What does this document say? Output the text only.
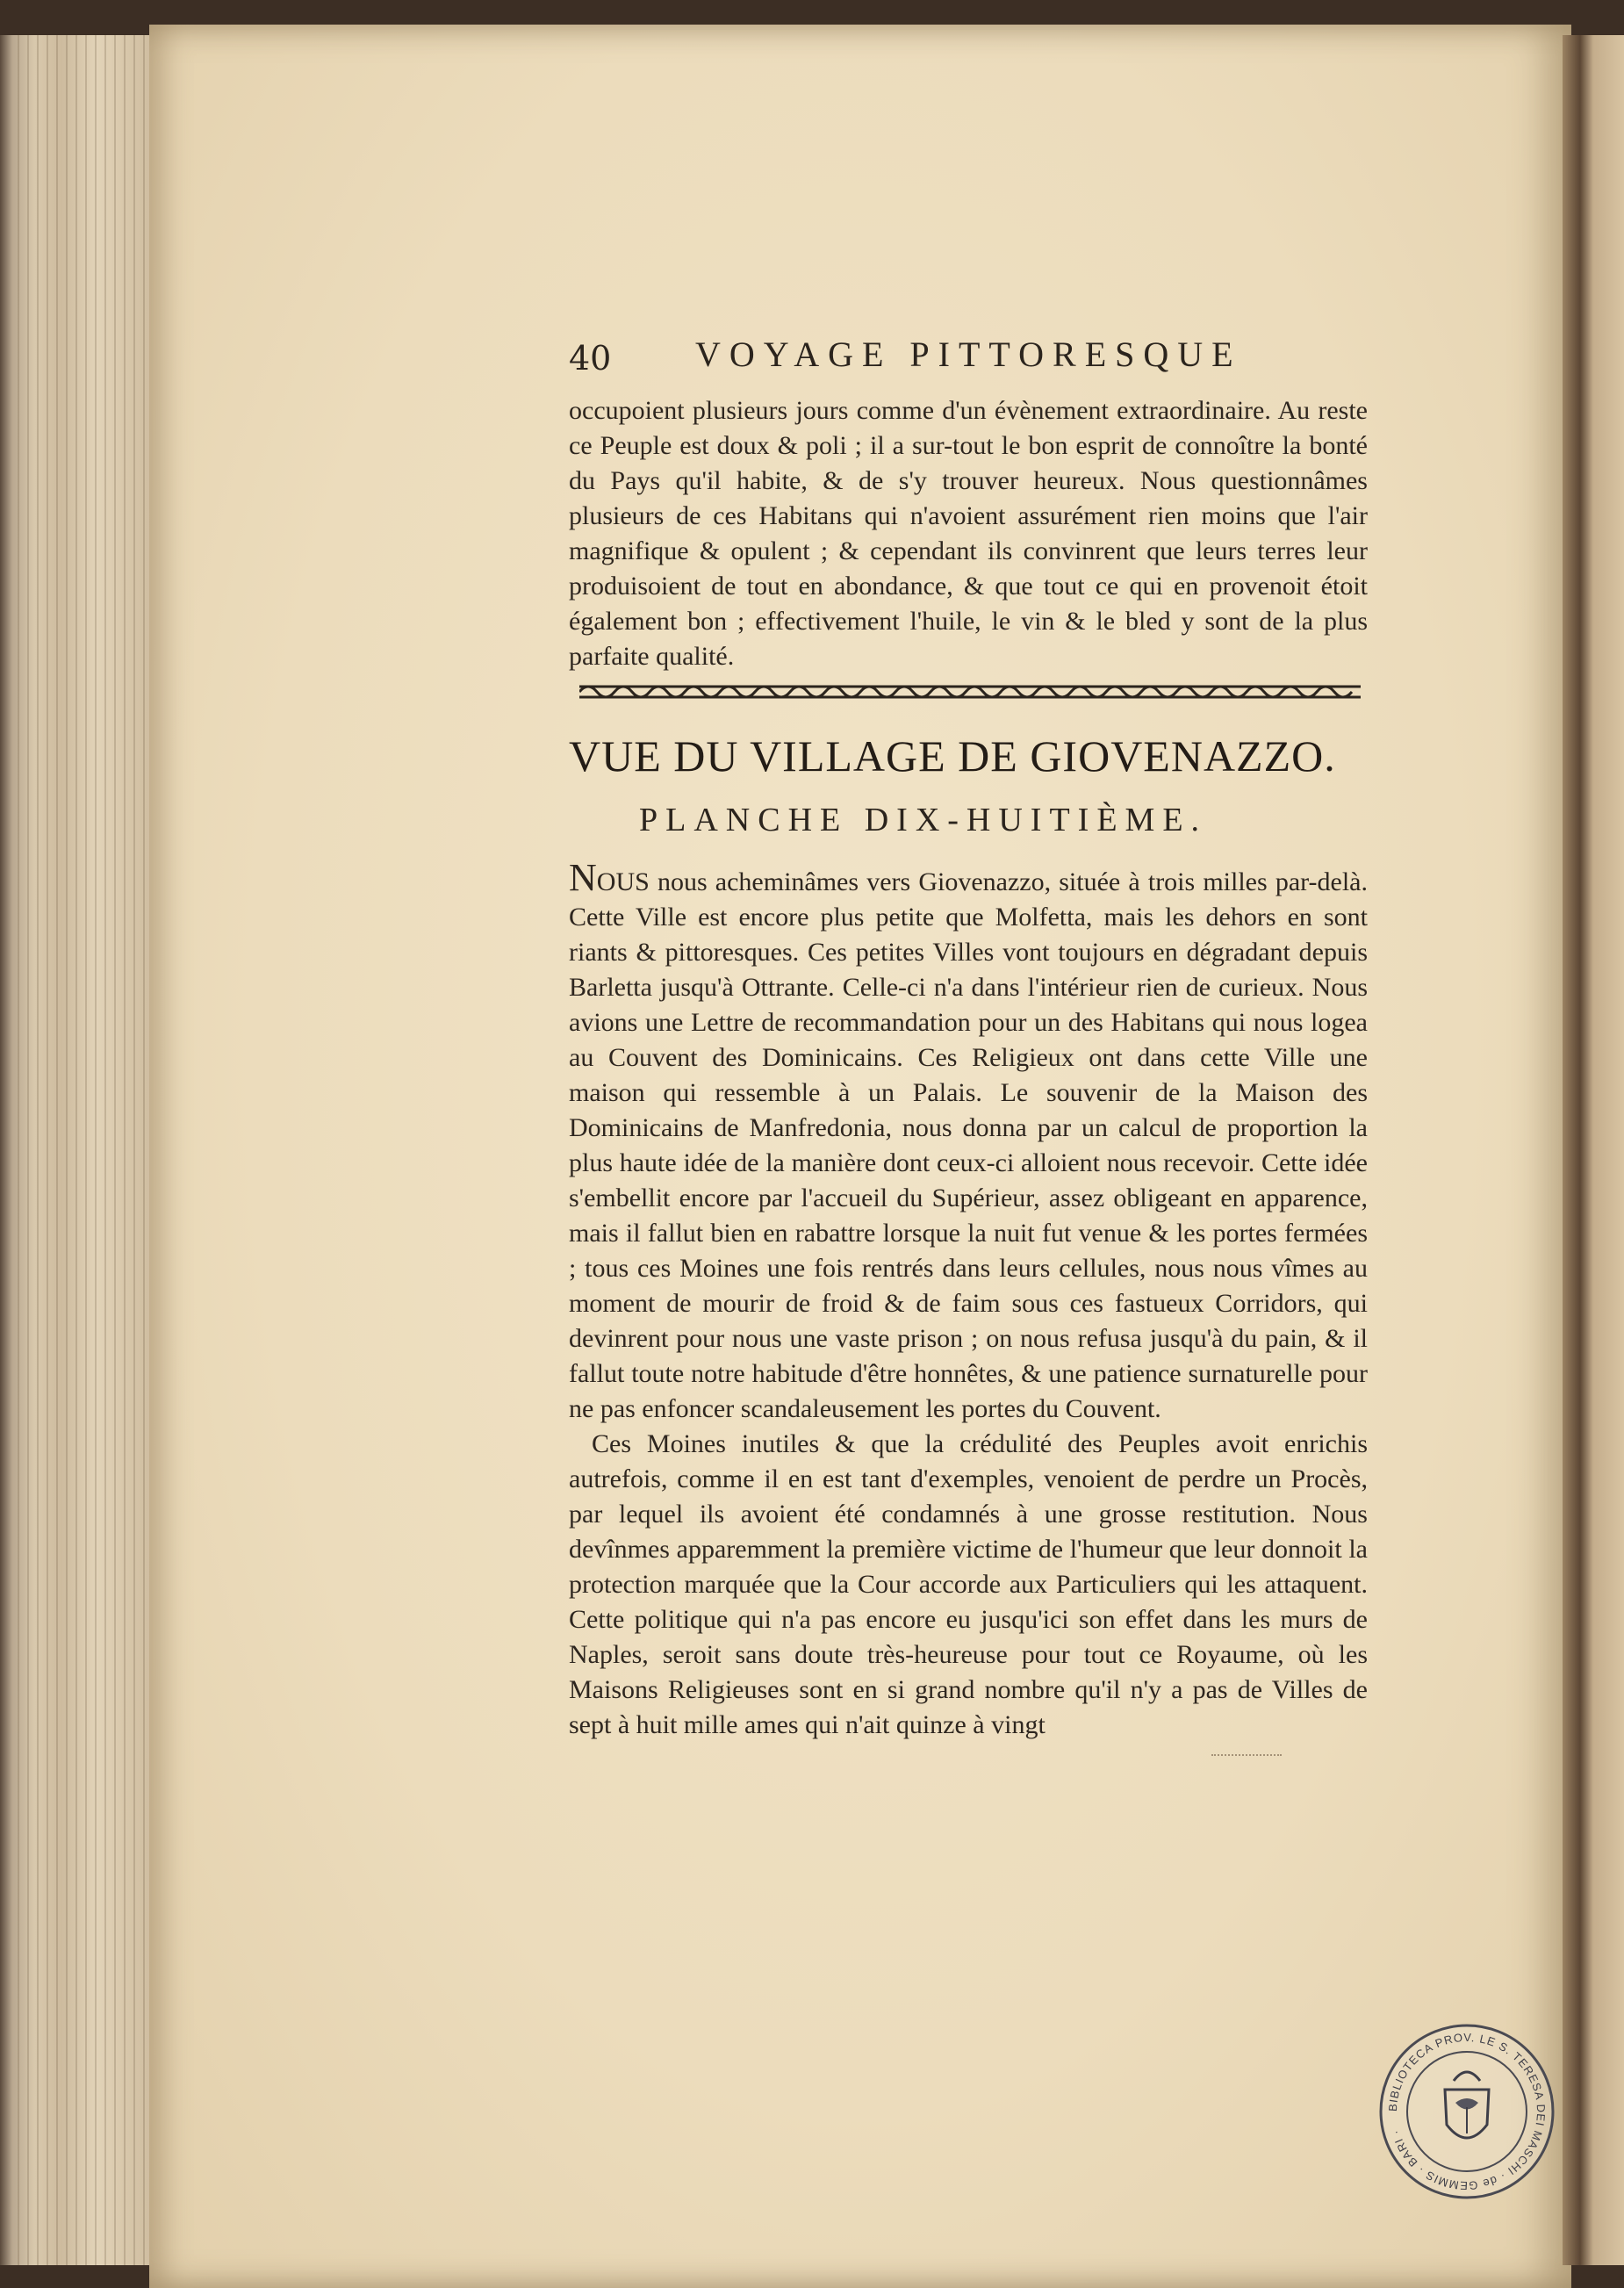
40 VOYAGE PITTORESQUE

occupoient plusieurs jours comme d'un évènement extraordinaire. Au reste ce Peuple est doux & poli ; il a sur-tout le bon esprit de connoître la bonté du Pays qu'il habite, & de s'y trouver heureux. Nous questionnâmes plusieurs de ces Habitans qui n'avoient assurément rien moins que l'air magnifique & opulent ; & cependant ils convinrent que leurs terres leur produisoient de tout en abondance, & que tout ce qui en provenoit étoit également bon ; effectivement l'huile, le vin & le bled y sont de la plus parfaite qualité.

VUE DU VILLAGE DE GIOVENAZZO.
PLANCHE DIX-HUITIÈME.

NOUS nous acheminâmes vers Giovenazzo, située à trois milles par-delà. Cette Ville est encore plus petite que Molfetta, mais les dehors en sont riants & pittoresques. Ces petites Villes vont toujours en dégradant depuis Barletta jusqu'à Ottrante. Celle-ci n'a dans l'intérieur rien de curieux. Nous avions une Lettre de recommandation pour un des Habitans qui nous logea au Couvent des Dominicains. Ces Religieux ont dans cette Ville une maison qui ressemble à un Palais. Le souvenir de la Maison des Dominicains de Manfredonia, nous donna par un calcul de proportion la plus haute idée de la manière dont ceux-ci alloient nous recevoir. Cette idée s'embellit encore par l'accueil du Supérieur, assez obligeant en apparence, mais il fallut bien en rabattre lorsque la nuit fut venue & les portes fermées ; tous ces Moines une fois rentrés dans leurs cellules, nous nous vîmes au moment de mourir de froid & de faim sous ces fastueux Corridors, qui devinrent pour nous une vaste prison ; on nous refusa jusqu'à du pain, & il fallut toute notre habitude d'être honnêtes, & une patience surnaturelle pour ne pas enfoncer scandaleusement les portes du Couvent.

Ces Moines inutiles & que la crédulité des Peuples avoit enrichis autrefois, comme il en est tant d'exemples, venoient de perdre un Procès, par lequel ils avoient été condamnés à une grosse restitution. Nous devînmes apparemment la première victime de l'humeur que leur donnoit la protection marquée que la Cour accorde aux Particuliers qui les attaquent. Cette politique qui n'a pas encore eu jusqu'ici son effet dans les murs de Naples, seroit sans doute très-heureuse pour tout ce Royaume, où les Maisons Religieuses sont en si grand nombre qu'il n'y a pas de Villes de sept à huit mille ames qui n'ait quinze à vingt

BIBLIOTECA PROV. LE S. TERESA DEI MASCHI · de GEMMIS · BARI ·
